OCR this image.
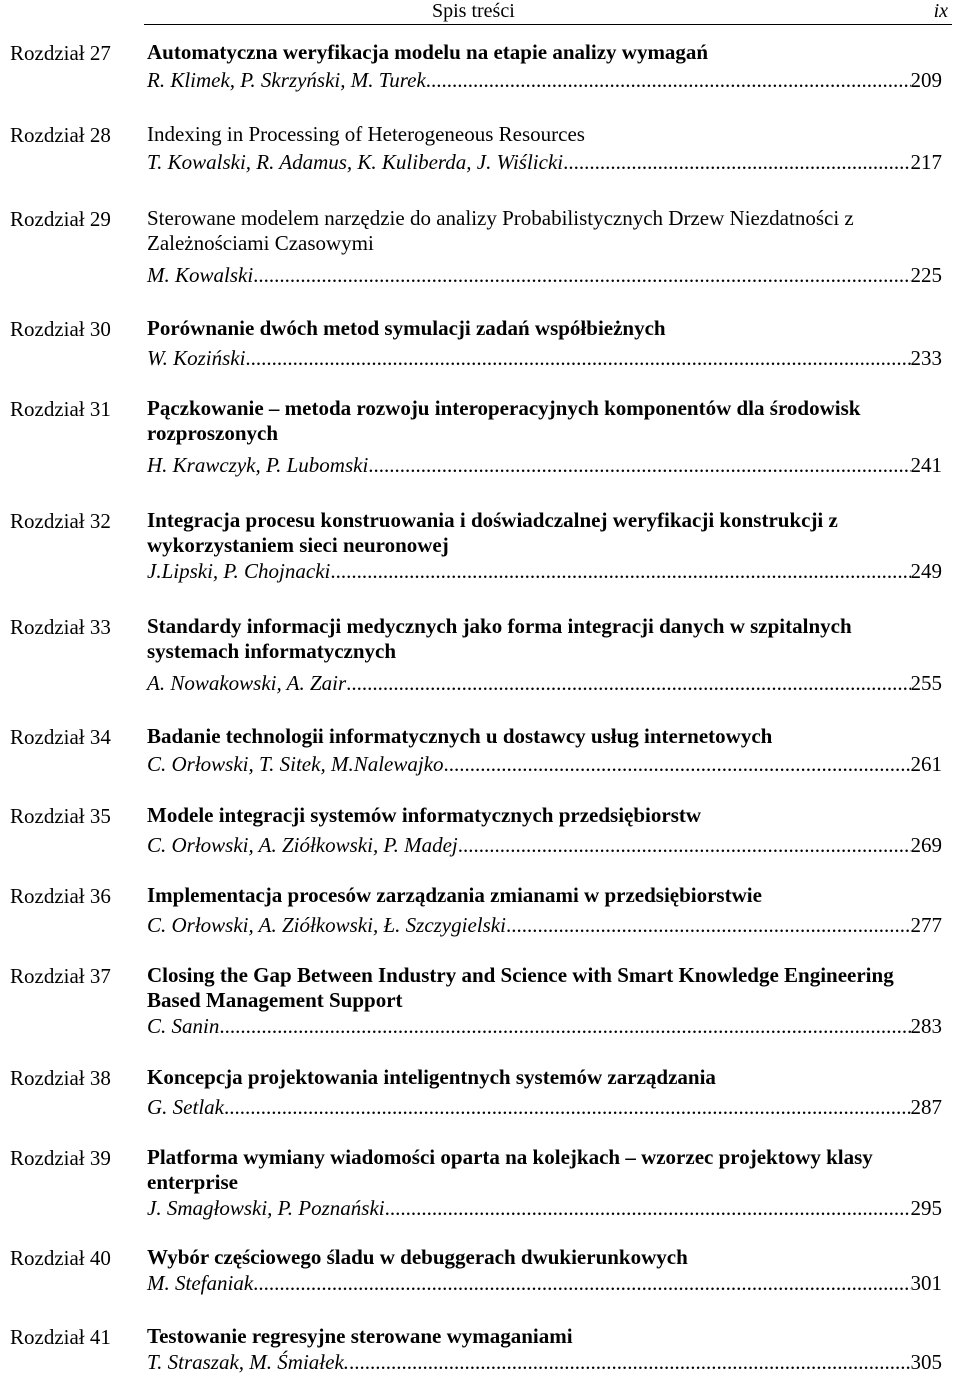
Spis treści	ix
Rozdział 27 Automatyczna weryfikacja modelu na etapie analizy wymagań
R. Klimek, P. Skrzyński, M. Turek .....	209
Rozdział 28 Indexing in Processing of Heterogeneous Resources
T. Kowalski, R. Adamus, K. Kuliberda, J. Wiślicki .....	217
Rozdział 29 Sterowane modelem narzędzie do analizy Probabilistycznych Drzew Niezdatności z Zależnościami Czasowymi
M. Kowalski .....	225
Rozdział 30 Porównanie dwóch metod symulacji zadań współbieżnych
W. Koziński .....	233
Rozdział 31 Pączkowanie – metoda rozwoju interoperacyjnych komponentów dla środowisk rozproszonych
H. Krawczyk, P. Lubomski .....	241
Rozdział 32 Integracja procesu konstruowania i doświadczalnej weryfikacji konstrukcji z wykorzystaniem sieci neuronowej
J.Lipski, P. Chojnacki .....	249
Rozdział 33 Standardy informacji medycznych jako forma integracji danych w szpitalnych systemach informatycznych
A. Nowakowski, A. Zair .....	255
Rozdział 34 Badanie technologii informatycznych u dostawcy usług internetowych
C. Orłowski, T. Sitek, M.Nalewajko .....	261
Rozdział 35 Modele integracji systemów informatycznych przedsiębiorstw
C. Orłowski, A. Ziółkowski, P. Madej .....	269
Rozdział 36 Implementacja procesów zarządzania zmianami w przedsiębiorstwie
C. Orłowski, A. Ziółkowski, Ł. Szczygielski .....	277
Rozdział 37 Closing the Gap Between Industry and Science with Smart Knowledge Engineering Based Management Support
C. Sanin .....	283
Rozdział 38 Koncepcja projektowania inteligentnych systemów zarządzania
G. Setlak .....	287
Rozdział 39 Platforma wymiany wiadomości oparta na kolejkach – wzorzec projektowy klasy enterprise
J. Smagłowski, P. Poznański .....	295
Rozdział 40 Wybór częściowego śladu w debuggerach dwukierunkowych
M. Stefaniak .....	301
Rozdział 41 Testowanie regresyjne sterowane wymaganiami
T. Straszak, M. Śmiałek. .....	305
